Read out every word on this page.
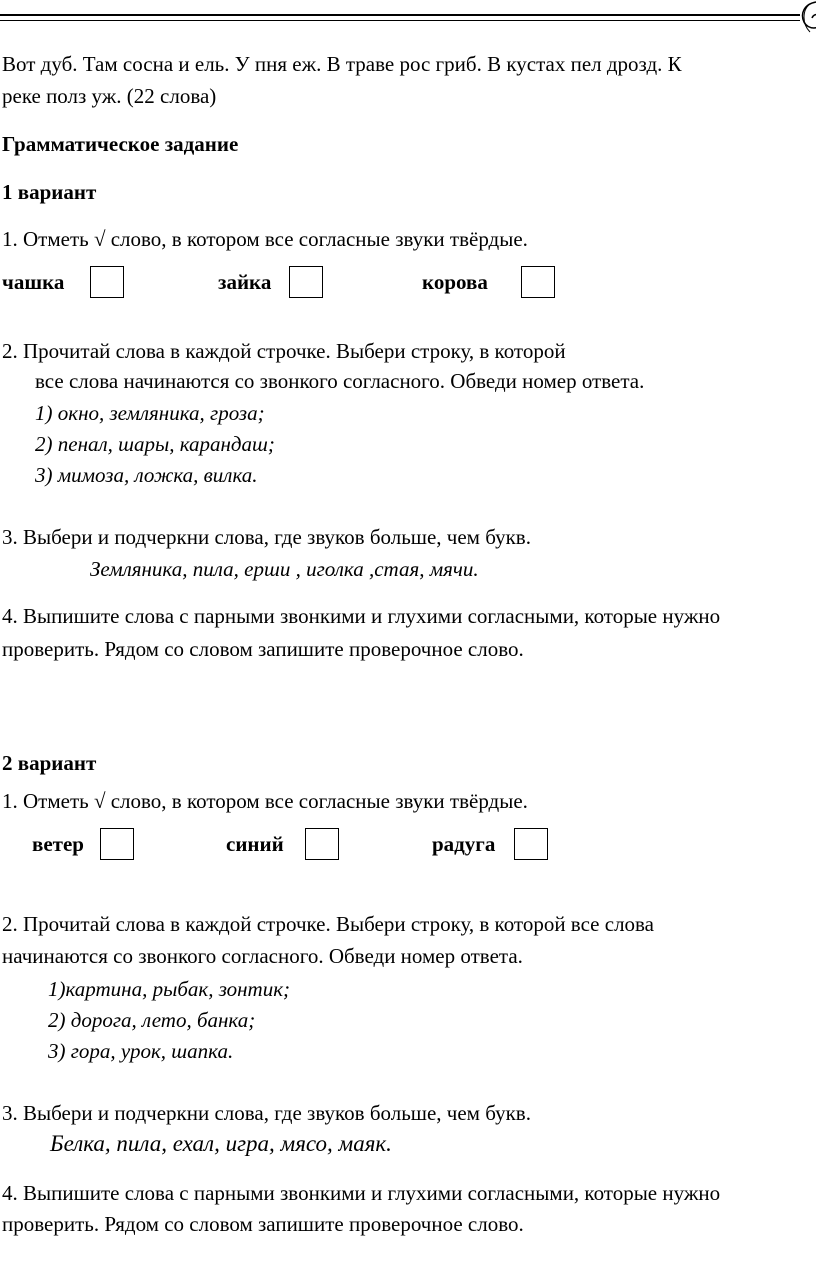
Вот дуб. Там сосна и ель. У пня еж. В траве рос гриб. В кустах пел дрозд. К
реке полз уж. (22 слова)
Грамматическое задание
1 вариант
1. Отметь √ слово, в котором все согласные звуки твёрдые.
чашка	зайка	корова
2. Прочитай слова в каждой строчке. Выбери строку, в которой
все слова начинаются со звонкого согласного. Обведи номер ответа.
1) окно, земляника, гроза;
2) пенал, шары, карандаш;
3) мимоза, ложка, вилка.
3. Выбери и подчеркни слова, где звуков больше, чем букв.
Земляника, пила, ерши , иголка ,стая, мячи.
4. Выпишите слова с парными звонкими и глухими согласными, которые нужно
проверить. Рядом со словом запишите проверочное слово.
2 вариант
1. Отметь √ слово, в котором все согласные звуки твёрдые.
ветер	синий	радуга
2. Прочитай слова в каждой строчке. Выбери строку, в которой все слова
начинаются со звонкого согласного. Обведи номер ответа.
1)картина, рыбак, зонтик;
2) дорога, лето, банка;
3) гора, урок, шапка.
3. Выбери и подчеркни слова, где звуков больше, чем букв.
Белка, пила, ехал, игра, мясо, маяк.
4. Выпишите слова с парными звонкими и глухими согласными, которые нужно
проверить. Рядом со словом запишите проверочное слово.
